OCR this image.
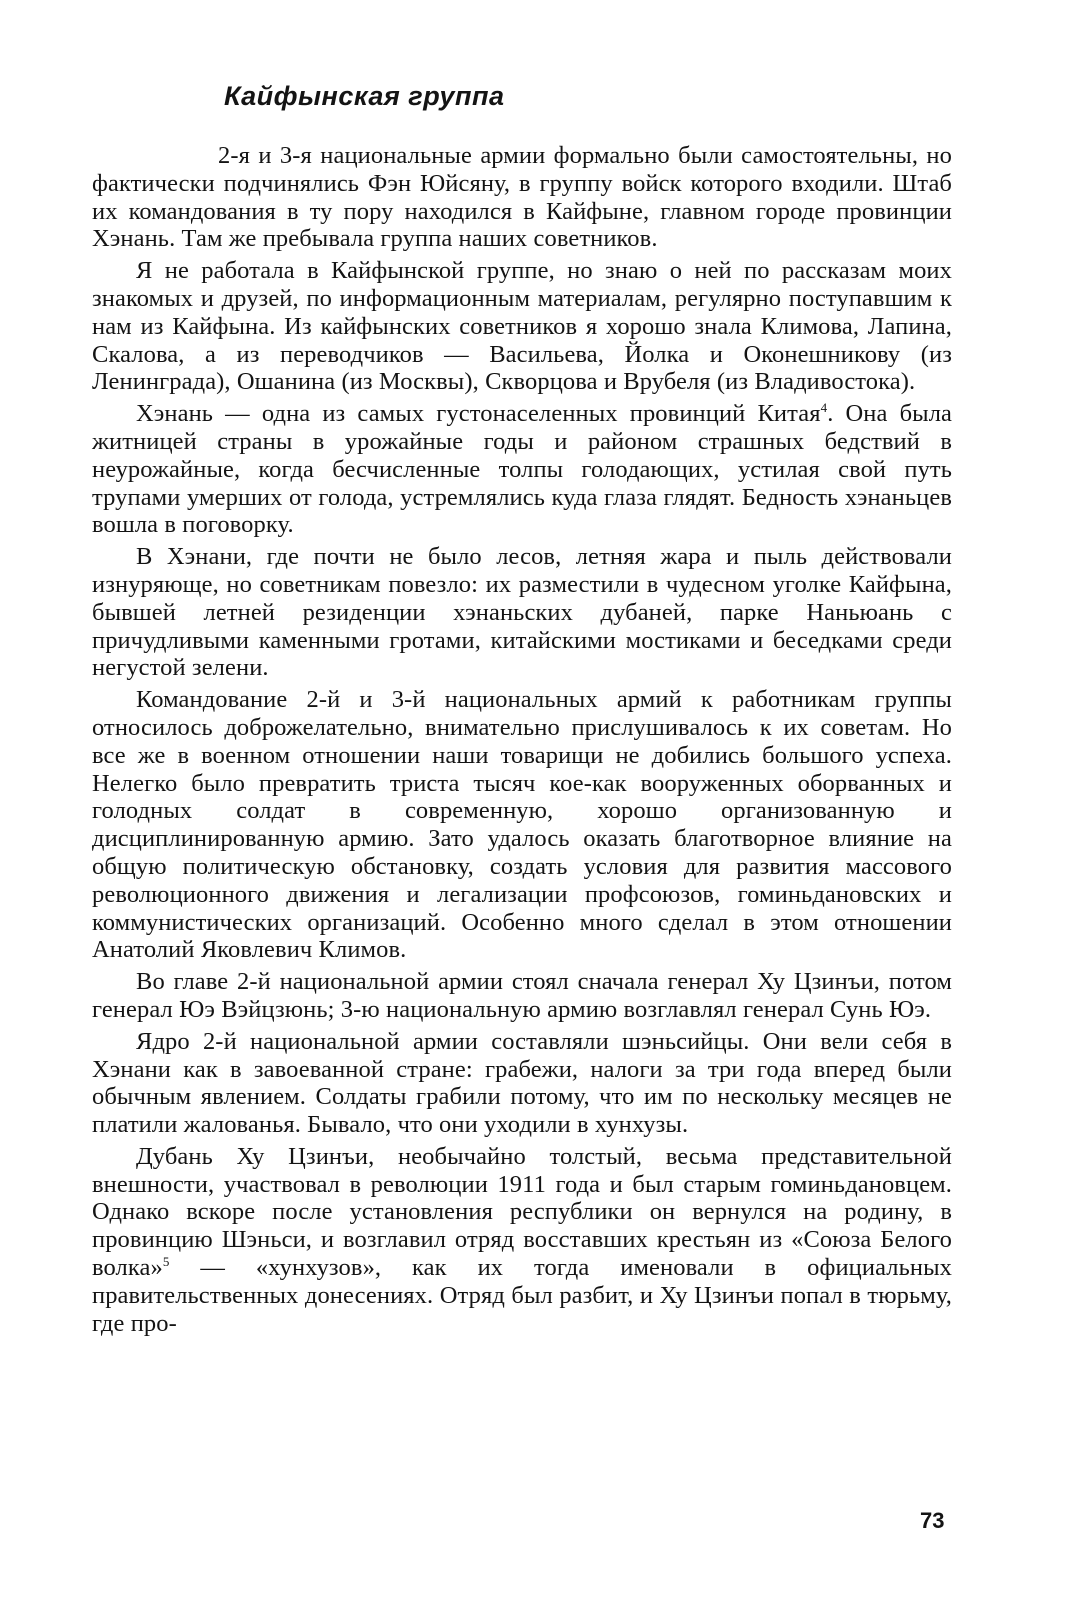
Кайфынская группа

2-я и 3-я национальные армии формально были самостоятельны, но фактически подчинялись Фэн Юйсяну, в группу войск которого входили. Штаб их командования в ту пору находился в Кайфыне, главном городе провинции Хэнань. Там же пребывала группа наших советников.

Я не работала в Кайфынской группе, но знаю о ней по рассказам моих знакомых и друзей, по информационным материалам, регулярно поступавшим к нам из Кайфына. Из кайфынских советников я хорошо знала Климова, Лапина, Скалова, а из переводчиков — Васильева, Йолка и Оконешникову (из Ленинграда), Ошанина (из Москвы), Скворцова и Врубеля (из Владивостока).

Хэнань — одна из самых густонаселенных провинций Китая$^4$. Она была житницей страны в урожайные годы и районом страшных бедствий в неурожайные, когда бесчисленные толпы голодающих, устилая свой путь трупами умерших от голода, устремлялись куда глаза глядят. Бедность хэнаньцев вошла в поговорку.

В Хэнани, где почти не было лесов, летняя жара и пыль действовали изнуряюще, но советникам повезло: их разместили в чудесном уголке Кайфына, бывшей летней резиденции хэнаньских дубаней, парке Наньюань с причудливыми каменными гротами, китайскими мостиками и беседками среди негустой зелени.

Командование 2-й и 3-й национальных армий к работникам группы относилось доброжелательно, внимательно прислушивалось к их советам. Но все же в военном отношении наши товарищи не добились большого успеха. Нелегко было превратить триста тысяч кое-как вооруженных оборванных и голодных солдат в современную, хорошо организованную и дисциплинированную армию. Зато удалось оказать благотворное влияние на общую политическую обстановку, создать условия для развития массового революционного движения и легализации профсоюзов, гоминьдановских и коммунистических организаций. Особенно много сделал в этом отношении Анатолий Яковлевич Климов.

Во главе 2-й национальной армии стоял сначала генерал Ху Цзинъи, потом генерал Юэ Вэйцзюнь; 3-ю национальную армию возглавлял генерал Сунь Юэ.

Ядро 2-й национальной армии составляли шэньсийцы. Они вели себя в Хэнани как в завоеванной стране: грабежи, налоги за три года вперед были обычным явлением. Солдаты грабили потому, что им по нескольку месяцев не платили жалованья. Бывало, что они уходили в хунхузы.

Дубань Ху Цзинъи, необычайно толстый, весьма представительной внешности, участвовал в революции 1911 года и был старым гоминьдановцем. Однако вскоре после установления республики он вернулся на родину, в провинцию Шэньси, и возглавил отряд восставших крестьян из «Союза Белого волка»$^5$ — «хунхузов», как их тогда именовали в официальных правительственных донесениях. Отряд был разбит, и Ху Цзинъи попал в тюрьму, где про-

73
